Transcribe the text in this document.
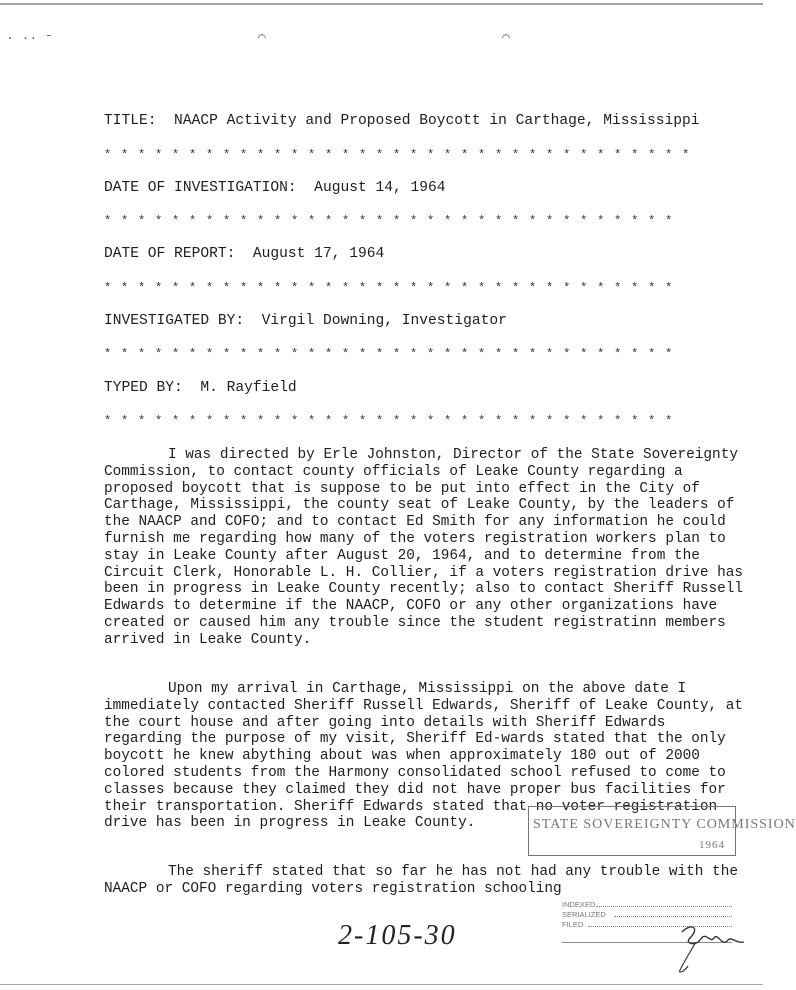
. .. -	⌒	⌒
TITLE:  NAACP Activity and Proposed Boycott in Carthage, Mississippi
* * * * * * * * * * * * * * * * * * * * * * * * * * * * * * * * * * *
DATE OF INVESTIGATION:  August 14, 1964
* * * * * * * * * * * * * * * * * * * * * * * * * * * * * * * * * *
DATE OF REPORT:  August 17, 1964
* * * * * * * * * * * * * * * * * * * * * * * * * * * * * * * * * *
INVESTIGATED BY:  Virgil Downing, Investigator
* * * * * * * * * * * * * * * * * * * * * * * * * * * * * * * * * *
TYPED BY:  M. Rayfield
* * * * * * * * * * * * * * * * * * * * * * * * * * * * * * * * * *

I was directed by Erle Johnston, Director of the State Sovereignty Commission, to contact county officials of Leake County regarding a proposed boycott that is suppose to be put into effect in the City of Carthage, Mississippi, the county seat of Leake County, by the leaders of the NAACP and COFO; and to contact Ed Smith for any information he could furnish me regarding how many of the voters registration workers plan to stay in Leake County after August 20, 1964, and to determine from the Circuit Clerk, Honorable L. H. Collier, if a voters registration drive has been in progress in Leake County recently; also to contact Sheriff Russell Edwards to determine if the NAACP, COFO or any other organizations have created or caused him any trouble since the student registratinn members arrived in Leake County.

Upon my arrival in Carthage, Mississippi on the above date I immediately contacted Sheriff Russell Edwards, Sheriff of Leake County, at the court house and after going into details with Sheriff Edwards regarding the purpose of my visit, Sheriff Ed-wards stated that the only boycott he knew abything about was when approximately 180 out of 2000 colored students from the Harmony consolidated school refused to come to classes because they claimed they did not have proper bus facilities for their transportation. Sheriff Edwards stated that no voter registration drive has been in progress in Leake County.

The sheriff stated that so far he has not had any trouble with the NAACP or COFO regarding voters registration schooling

STATE SOVEREIGNTY COMMISSION
1964
INDEXED
SERIALIZED
FILED
2-105-30
